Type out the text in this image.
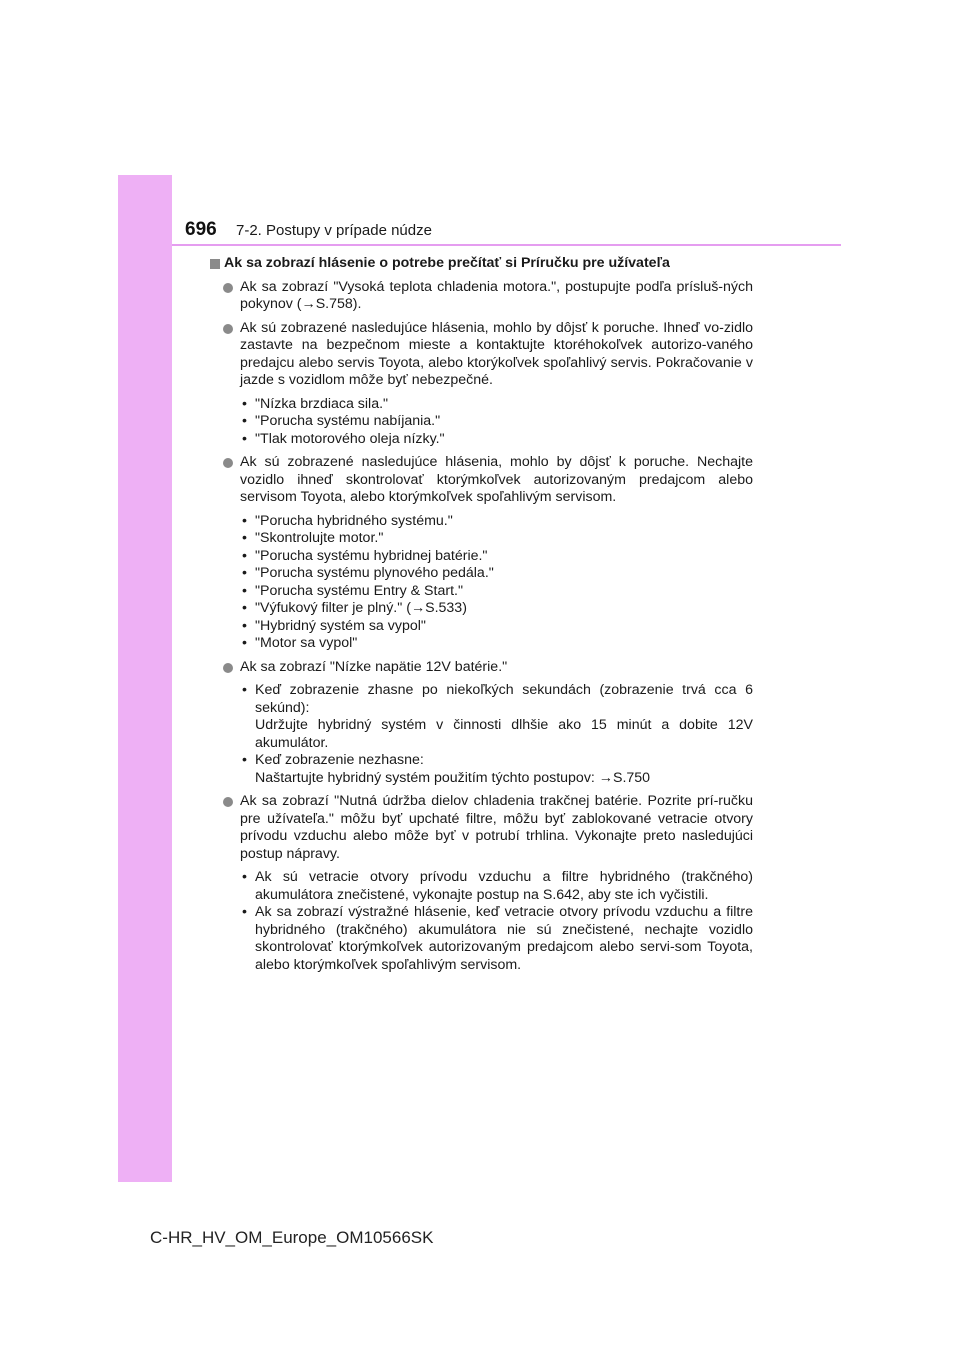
696 7-2. Postupy v prípade núdze
Ak sa zobrazí hlásenie o potrebe prečítať si Príručku pre užívateľa
Ak sa zobrazí "Vysoká teplota chladenia motora.", postupujte podľa prísluš-ných pokynov (→S.758).
Ak sú zobrazené nasledujúce hlásenia, mohlo by dôjsť k poruche. Ihneď vo-zidlo zastavte na bezpečnom mieste a kontaktujte ktoréhokoľvek autorizo-vaného predajcu alebo servis Toyota, alebo ktorýkoľvek spoľahlivý servis. Pokračovanie v jazde s vozidlom môže byť nebezpečné.
• "Nízka brzdiaca sila."
• "Porucha systému nabíjania."
• "Tlak motorového oleja nízky."
Ak sú zobrazené nasledujúce hlásenia, mohlo by dôjsť k poruche. Nechajte vozidlo ihneď skontrolovať ktorýmkoľvek autorizovaným predajcom alebo servisom Toyota, alebo ktorýmkoľvek spoľahlivým servisom.
• "Porucha hybridného systému."
• "Skontrolujte motor."
• "Porucha systému hybridnej batérie."
• "Porucha systému plynového pedála."
• "Porucha systému Entry & Start."
• "Výfukový filter je plný." (→S.533)
• "Hybridný systém sa vypol"
• "Motor sa vypol"
Ak sa zobrazí "Nízke napätie 12V batérie."
• Keď zobrazenie zhasne po niekoľkých sekundách (zobrazenie trvá cca 6 sekúnd):
Udržujte hybridný systém v činnosti dlhšie ako 15 minút a dobite 12V akumulátor.
• Keď zobrazenie nezhasne:
Naštartujte hybridný systém použitím týchto postupov: →S.750
Ak sa zobrazí "Nutná údržba dielov chladenia trakčnej batérie. Pozrite prí-ručku pre užívateľa." môžu byť upchaté filtre, môžu byť zablokované vetracie otvory prívodu vzduchu alebo môže byť v potrubí trhlina. Vykonajte preto nasledujúci postup nápravy.
• Ak sú vetracie otvory prívodu vzduchu a filtre hybridného (trakčného) akumulátora znečistené, vykonajte postup na S.642, aby ste ich vyčistili.
• Ak sa zobrazí výstražné hlásenie, keď vetracie otvory prívodu vzduchu a filtre hybridného (trakčného) akumulátora nie sú znečistené, nechajte vozidlo skontrolovať ktorýmkoľvek autorizovaným predajcom alebo servi-som Toyota, alebo ktorýmkoľvek spoľahlivým servisom.
C-HR_HV_OM_Europe_OM10566SK
